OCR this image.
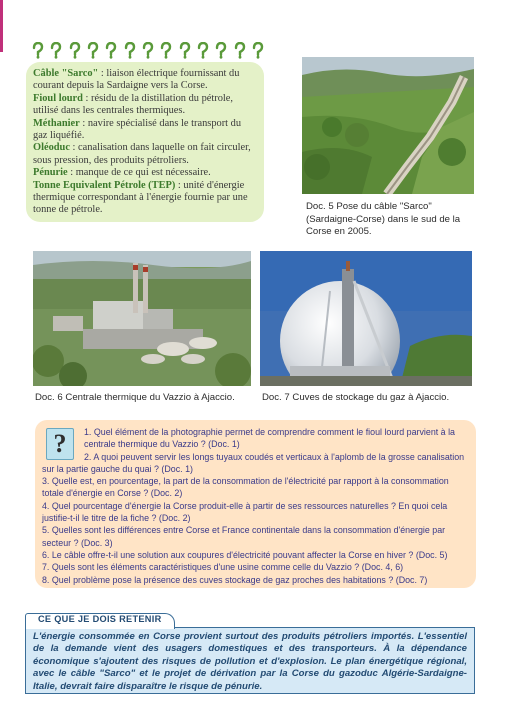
Câble "Sarco" : liaison électrique fournissant du courant depuis la Sardaigne vers la Corse.

Fioul lourd : résidu de la distillation du pétrole, utilisé dans les centrales thermiques.

Méthanier : navire spécialisé dans le transport du gaz liquéfié.

Oléoduc : canalisation dans laquelle on fait circuler, sous pression, des produits pétroliers.

Pénurie : manque de ce qui est nécessaire.

Tonne Equivalent Pétrole (TEP) : unité d'énergie thermique correspondant à l'énergie fournie par une tonne de pétrole.	Doc. 5 Pose du câble "Sarco" (Sardaigne-Corse) dans le sud de la Corse en 2005.
Doc. 6 Centrale thermique du Vazzio à Ajaccio.	Doc. 7 Cuves de stockage du gaz à Ajaccio.
?	1. Quel élément de la photographie permet de comprendre comment le fioul lourd parvient à la centrale thermique du Vazzio ? (Doc. 1)
2. A quoi peuvent servir les longs tuyaux coudés et verticaux à l'aplomb de la grosse canalisation sur la partie gauche du quai ? (Doc. 1)
3. Quelle est, en pourcentage, la part de la consommation de l'électricité par rapport à la consommation totale d'énergie en Corse ? (Doc. 2)
4. Quel pourcentage d'énergie la Corse produit-elle à partir de ses ressources naturelles ? En quoi cela justifie-t-il le titre de la fiche ? (Doc. 2)
5. Quelles sont les différences entre Corse et France continentale dans la consommation d'énergie par secteur ? (Doc. 3)
6. Le câble offre-t-il une solution aux coupures d'électricité pouvant affecter la Corse en hiver ? (Doc. 5)
7. Quels sont les éléments caractéristiques d'une usine comme celle du Vazzio ? (Doc. 4, 6)
8. Quel problème pose la présence des cuves stockage de gaz proches des habitations ? (Doc. 7)
CE QUE JE DOIS RETENIR

L'énergie consommée en Corse provient surtout des produits pétroliers importés. L'essentiel de la demande vient des usagers domestiques et des transporteurs. À la dépendance économique s'ajoutent des risques de pollution et d'explosion. Le plan énergétique régional, avec le câble "Sarco" et le projet de dérivation par la Corse du gazoduc Algérie-Sardaigne-Italie, devrait faire disparaître le risque de pénurie.
